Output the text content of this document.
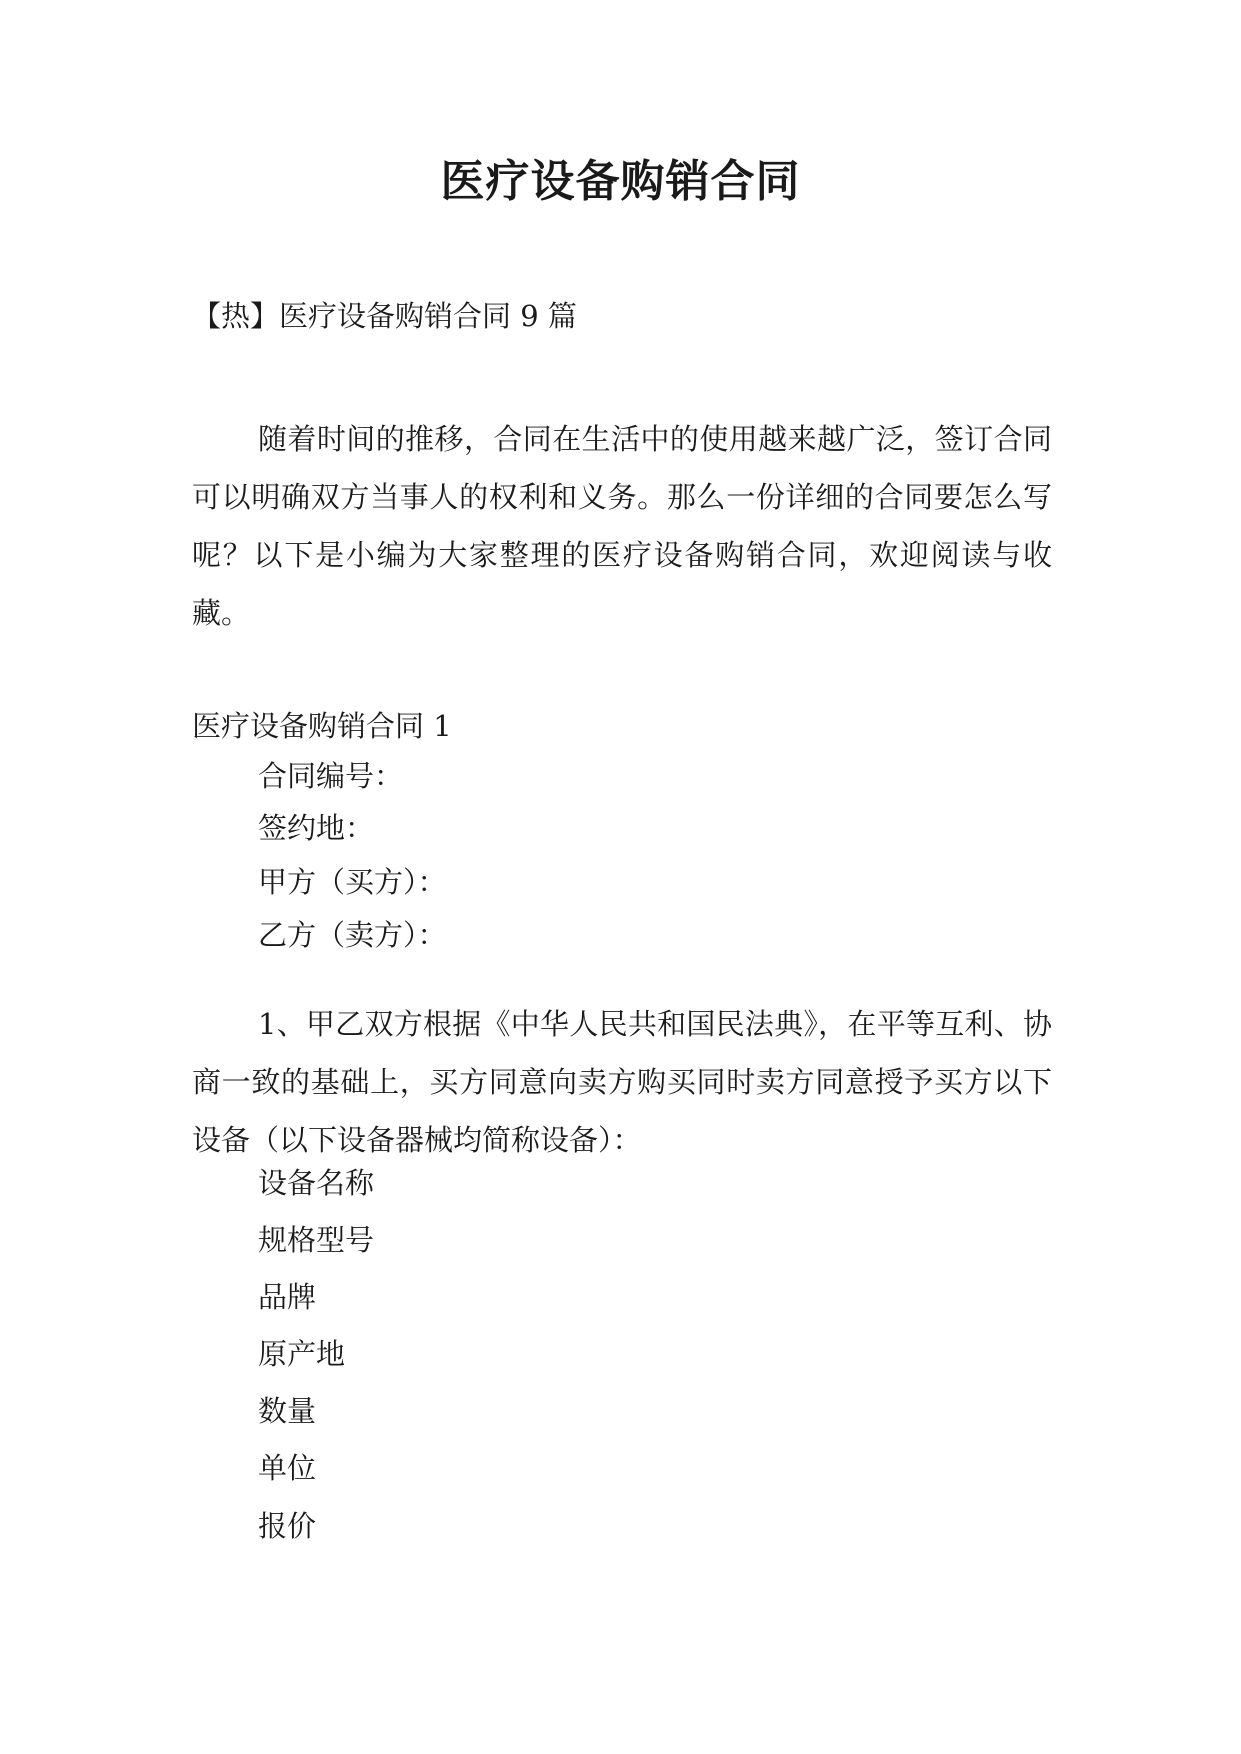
医疗设备购销合同
【热】医疗设备购销合同 9 篇

随着时间的推移，合同在生活中的使用越来越广泛，签订合同可以明确双方当事人的权利和义务。那么一份详细的合同要怎么写呢？以下是小编为大家整理的医疗设备购销合同，欢迎阅读与收藏。

医疗设备购销合同 1
合同编号：
签约地：
甲方（买方）：
乙方（卖方）：

1、甲乙双方根据《中华人民共和国民法典》，在平等互利、协商一致的基础上，买方同意向卖方购买同时卖方同意授予买方以下设备（以下设备器械均简称设备）：

设备名称
规格型号
品牌
原产地
数量
单位
报价
